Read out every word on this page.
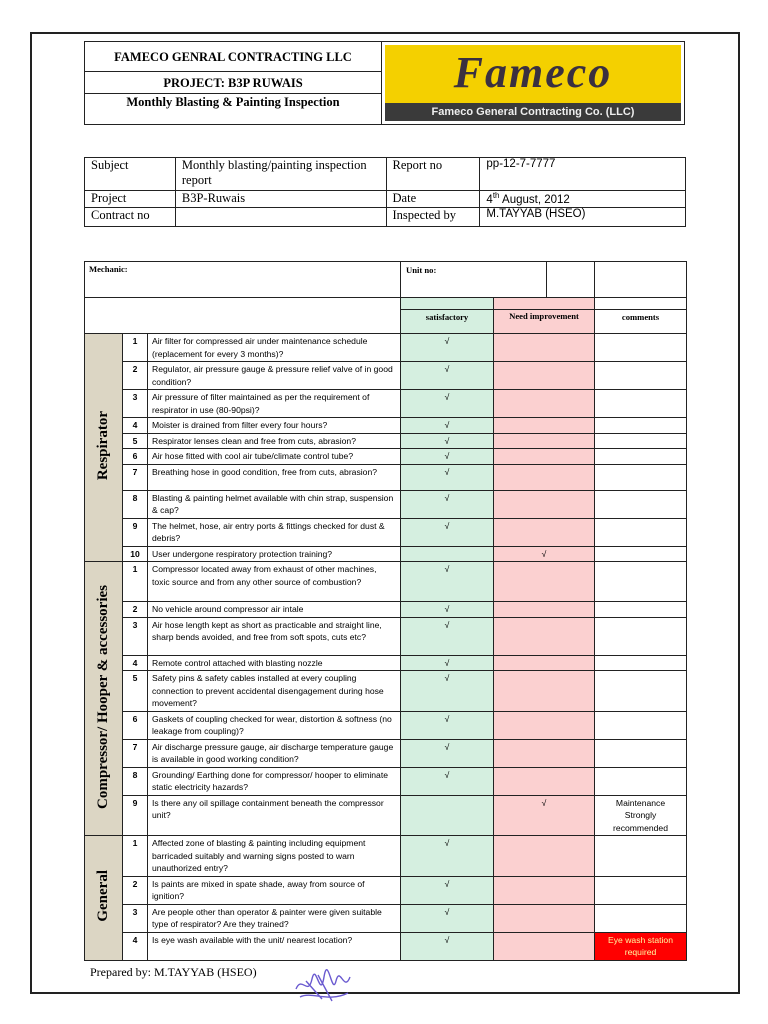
FAMECO GENRAL CONTRACTING LLC
PROJECT: B3P RUWAIS
Monthly Blasting & Painting Inspection
Fameco
Fameco General Contracting Co. (LLC)
Subject	Monthly blasting/painting inspection report	Report no	pp-12-7-7777
Project	B3P-Ruwais	Date	4th August, 2012
Contract no		Inspected by	M.TAYYAB (HSEO)
Mechanic:			Unit no:	

			satisfactory	Need improvement	comments

Respirator	1	Air filter for compressed air under maintenance schedule (replacement for every 3 months)?	√		
	2	Regulator, air pressure gauge & pressure relief valve of in good condition?	√		
	3	Air pressure of filter maintained as per the requirement of respirator in use (80-90psi)?	√		
	4	Moister is drained from filter every four hours?	√		
	5	Respirator lenses clean and free from cuts, abrasion?	√		
	6	Air hose fitted with cool air tube/climate control tube?	√		
	7	Breathing hose in good condition, free from cuts, abrasion?	√		
	8	Blasting & painting helmet available with chin strap, suspension & cap?	√		
	9	The helmet, hose, air entry ports & fittings checked for dust & debris?	√		
	10	User undergone respiratory protection training?		√	
Compressor/ Hooper & accessories	1	Compressor located away from exhaust of other machines, toxic source and from any other source of combustion?	√		
	2	No vehicle around compressor air intale	√		
	3	Air hose length kept as short as practicable and straight line, sharp bends avoided, and free from soft spots, cuts etc?	√		
	4	Remote control attached with blasting nozzle	√		
	5	Safety pins & safety cables installed at every coupling connection to prevent accidental disengagement during hose movement?	√		
	6	Gaskets of coupling checked for wear, distortion & softness (no leakage from coupling)?	√		
	7	Air discharge pressure gauge, air discharge temperature gauge is available in good working condition?	√		
	8	Grounding/ Earthing done for compressor/ hooper to eliminate static electricity hazards?	√		
	9	Is there any oil spillage containment beneath the compressor unit?		√	Maintenance Strongly recommended
General	1	Affected zone of blasting & painting including equipment barricaded suitably and warning signs posted to warn unauthorized entry?	√		
	2	Is paints are mixed in spate shade, away from source of ignition?	√		
	3	Are people other than operator & painter were given suitable type of respirator? Are they trained?	√		
	4	Is eye wash available with the unit/ nearest location?	√		Eye wash station required
Prepared by: M.TAYYAB (HSEO)
